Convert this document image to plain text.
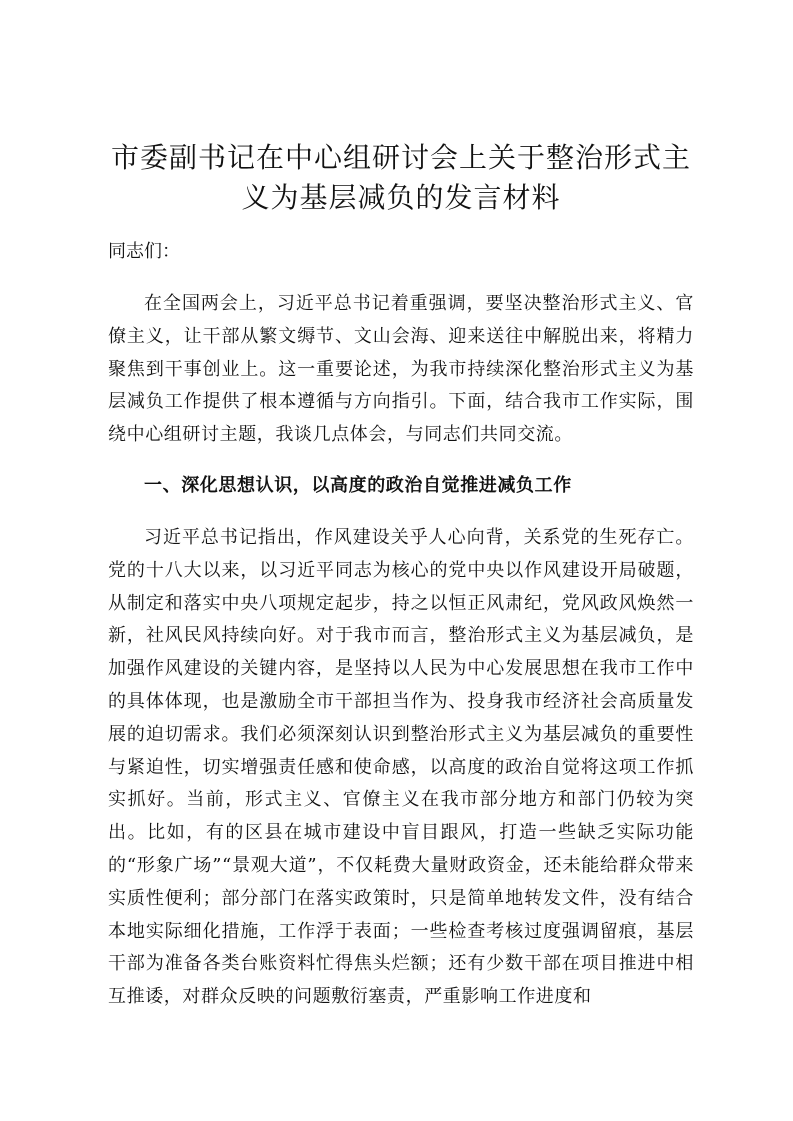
市委副书记在中心组研讨会上关于整治形式主义为基层减负的发言材料

同志们：

在全国两会上，习近平总书记着重强调，要坚决整治形式主义、官僚主义，让干部从繁文缛节、文山会海、迎来送往中解脱出来，将精力聚焦到干事创业上。这一重要论述，为我市持续深化整治形式主义为基层减负工作提供了根本遵循与方向指引。下面，结合我市工作实际，围绕中心组研讨主题，我谈几点体会，与同志们共同交流。

一、深化思想认识，以高度的政治自觉推进减负工作

习近平总书记指出，作风建设关乎人心向背，关系党的生死存亡。党的十八大以来，以习近平同志为核心的党中央以作风建设开局破题，从制定和落实中央八项规定起步，持之以恒正风肃纪，党风政风焕然一新，社风民风持续向好。对于我市而言，整治形式主义为基层减负，是加强作风建设的关键内容，是坚持以人民为中心发展思想在我市工作中的具体体现，也是激励全市干部担当作为、投身我市经济社会高质量发展的迫切需求。我们必须深刻认识到整治形式主义为基层减负的重要性与紧迫性，切实增强责任感和使命感，以高度的政治自觉将这项工作抓实抓好。当前，形式主义、官僚主义在我市部分地方和部门仍较为突出。比如，有的区县在城市建设中盲目跟风，打造一些缺乏实际功能的“形象广场”“景观大道”，不仅耗费大量财政资金，还未能给群众带来实质性便利；部分部门在落实政策时，只是简单地转发文件，没有结合本地实际细化措施，工作浮于表面；一些检查考核过度强调留痕，基层干部为准备各类台账资料忙得焦头烂额；还有少数干部在项目推进中相互推诿，对群众反映的问题敷衍塞责，严重影响工作进度和
